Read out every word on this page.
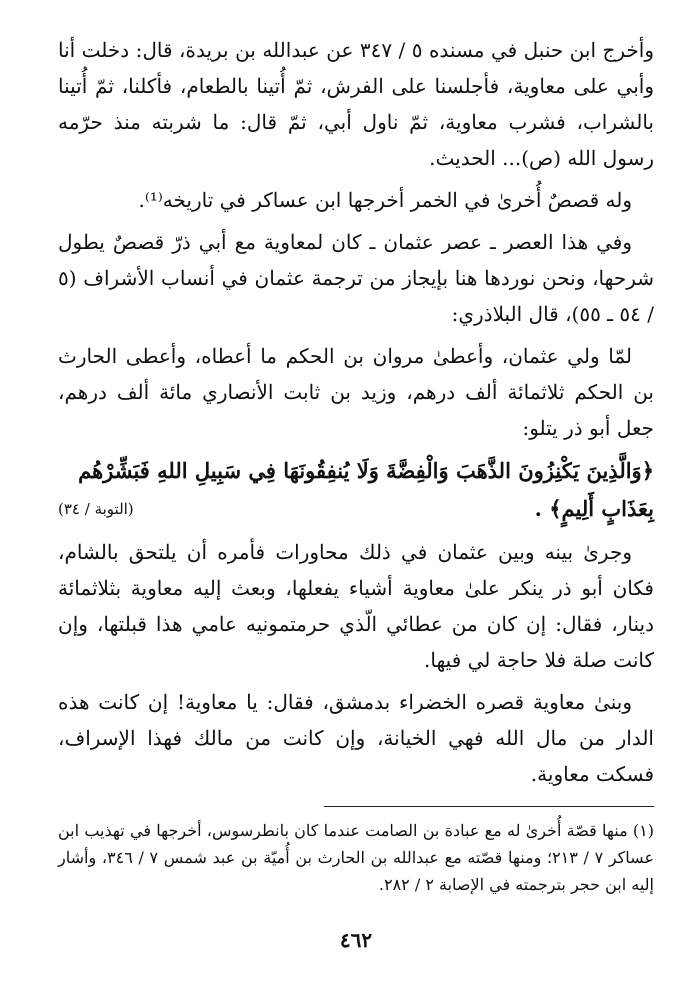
وأخرج ابن حنبل في مسنده ٥ / ٣٤٧ عن عبدالله بن بريدة، قال: دخلت أنا وأبي على معاوية، فأجلسنا على الفرش، ثمّ أُتينا بالطعام، فأكلنا، ثمّ أُتينا بالشراب، فشرب معاوية، ثمّ ناول أبي، ثمّ قال: ما شربته منذ حرّمه رسول الله (ص)... الحديث.

وله قصصٌ أُخرىٰ في الخمر أخرجها ابن عساكر في تاريخه⁽¹⁾.

وفي هذا العصر ـ عصر عثمان ـ كان لمعاوية مع أبي ذرّ قصصٌ يطول شرحها، ونحن نوردها هنا بإيجاز من ترجمة عثمان في أنساب الأشراف (٥ / ٥٤ ـ ٥٥)، قال البلاذري:

لمّا ولي عثمان، وأعطىٰ مروان بن الحكم ما أعطاه، وأعطى الحارث بن الحكم ثلاثمائة ألف درهم، وزيد بن ثابت الأنصاري مائة ألف درهم، جعل أبو ذر يتلو:

﴿وَالَّذِينَ يَكْنِزُونَ الذَّهَبَ وَالْفِضَّةَ وَلَا يُنفِقُونَهَا فِي سَبِيلِ اللهِ فَبَشِّرْهُم بِعَذَابٍ أَلِيمٍ﴾ .
(التوبة / ٣٤)

وجرىٰ بينه وبين عثمان في ذلك محاورات فأمره أن يلتحق بالشام، فكان أبو ذر ينكر علىٰ معاوية أشياء يفعلها، وبعث إليه معاوية بثلاثمائة دينار، فقال: إن كان من عطائي الّذي حرمتمونيه عامي هذا قبلتها، وإن كانت صلة فلا حاجة لي فيها.

وبنىٰ معاوية قصره الخضراء بدمشق، فقال: يا معاوية! إن كانت هذه الدار من مال الله فهي الخيانة، وإن كانت من مالك فهذا الإسراف، فسكت معاوية.

(١) منها قصّة أُخرىٰ له مع عبادة بن الصامت عندما كان بانطرسوس، أخرجها في تهذيب ابن عساكر ٧ / ٢١٣؛ ومنها قصّته مع عبدالله بن الحارث بن أُميّة بن عبد شمس ٧ / ٣٤٦، وأشار إليه ابن حجر بترجمته في الإصابة ٢ / ٢٨٢.

٤٦٢
